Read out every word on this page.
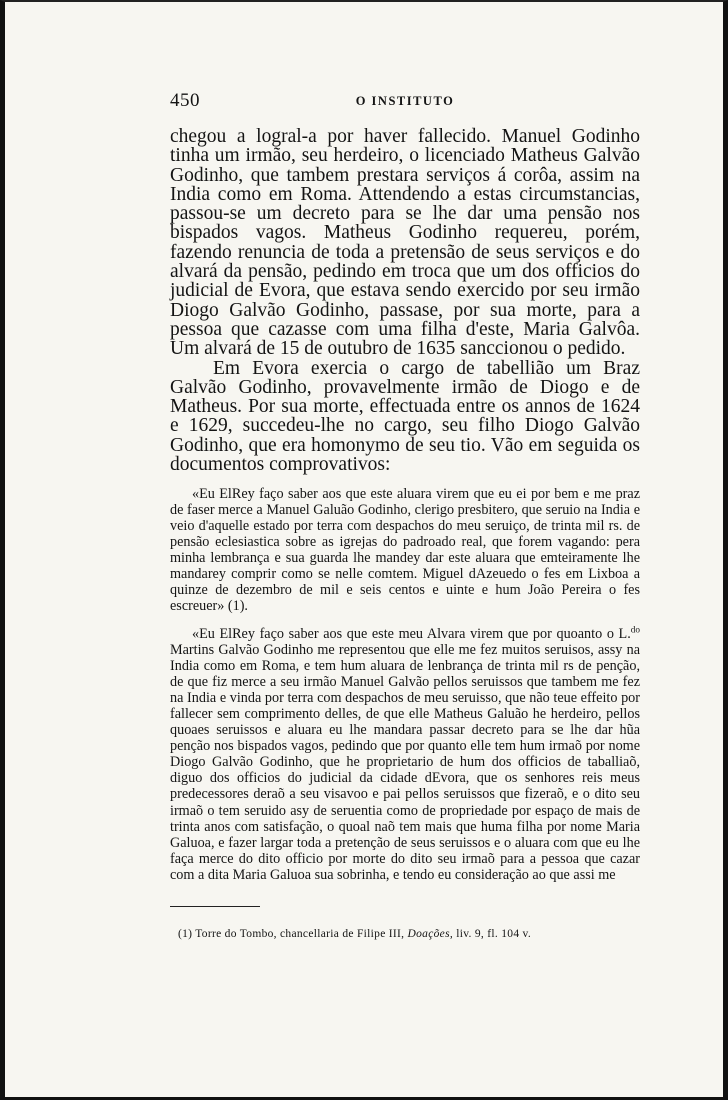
450	O INSTITUTO

chegou a logral-a por haver fallecido. Manuel Godinho tinha um irmão, seu herdeiro, o licenciado Matheus Galvão Godinho, que tambem prestara serviços á corôa, assim na India como em Roma. Attendendo a estas circumstancias, passou-se um decreto para se lhe dar uma pensão nos bispados vagos. Matheus Godinho requereu, porém, fazendo renuncia de toda a pretensão de seus serviços e do alvará da pensão, pedindo em troca que um dos officios do judicial de Evora, que estava sendo exercido por seu irmão Diogo Galvão Godinho, passase, por sua morte, para a pessoa que cazasse com uma filha d'este, Maria Galvôa. Um alvará de 15 de outubro de 1635 sanccionou o pedido.

Em Evora exercia o cargo de tabellião um Braz Galvão Godinho, provavelmente irmão de Diogo e de Matheus. Por sua morte, effectuada entre os annos de 1624 e 1629, succedeu-lhe no cargo, seu filho Diogo Galvão Godinho, que era homonymo de seu tio. Vão em seguida os documentos comprovativos:

«Eu ElRey faço saber aos que este aluara virem que eu ei por bem e me praz de faser merce a Manuel Galuão Godinho, clerigo presbitero, que seruio na India e veio d'aquelle estado por terra com despachos do meu seruiço, de trinta mil rs. de pensão eclesiastica sobre as igrejas do padroado real, que forem vagando: pera minha lembrança e sua guarda lhe mandey dar este aluara que emteiramente lhe mandarey comprir como se nelle comtem. Miguel dAzeuedo o fes em Lixboa a quinze de dezembro de mil e seis centos e uinte e hum João Pereira o fes escreuer» (1).

«Eu ElRey faço saber aos que este meu Alvara virem que por quoanto o L.$^{do}$ Martins Galvão Godinho me representou que elle me fez muitos seruisos, assy na India como em Roma, e tem hum aluara de lenbrança de trinta mil rs de penção, de que fiz merce a seu irmão Manuel Galvão pellos seruissos que tambem me fez na India e vinda por terra com despachos de meu seruisso, que não teue effeito por fallecer sem comprimento delles, de que elle Matheus Galuão he herdeiro, pellos quoaes seruissos e aluara eu lhe mandara passar decreto para se lhe dar hũa penção nos bispados vagos, pedindo que por quanto elle tem hum irmaõ por nome Diogo Galvão Godinho, que he proprietario de hum dos officios de taballiaõ, diguo dos officios do judicial da cidade dEvora, que os senhores reis meus predecessores deraõ a seu visavoo e pai pellos seruissos que fizeraõ, e o dito seu irmaõ o tem seruido asy de seruentia como de propriedade por espaço de mais de trinta anos com satisfação, o quoal naõ tem mais que huma filha por nome Maria Galuoa, e fazer largar toda a pretenção de seus seruissos e o aluara com que eu lhe faça merce do dito officio por morte do dito seu irmaõ para a pessoa que cazar com a dita Maria Galuoa sua sobrinha, e tendo eu consideração ao que assi me

(1) Torre do Tombo, chancellaria de Filipe III, Doações, liv. 9, fl. 104 v.
